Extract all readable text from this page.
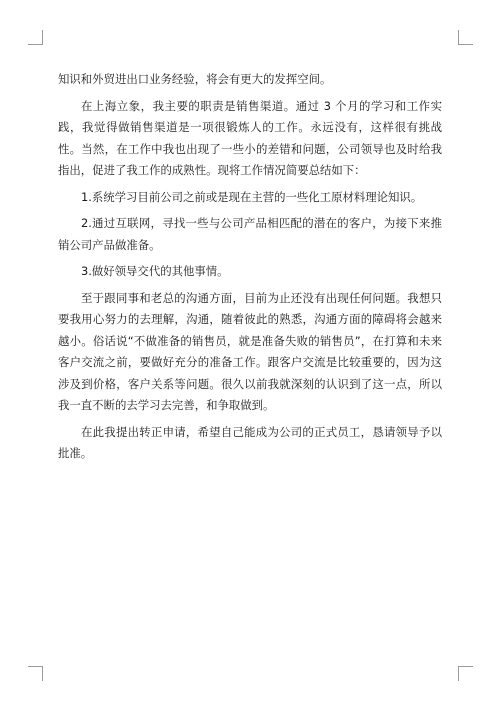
知识和外贸进出口业务经验，将会有更大的发挥空间。

在上海立象，我主要的职责是销售渠道。通过 3 个月的学习和工作实践，我觉得做销售渠道是一项很锻炼人的工作。永远没有，这样很有挑战性。当然，在工作中我也出现了一些小的差错和问题，公司领导也及时给我指出，促进了我工作的成熟性。现将工作情况简要总结如下：

1.系统学习目前公司之前或是现在主营的一些化工原材料理论知识。

2.通过互联网，寻找一些与公司产品相匹配的潜在的客户，为接下来推销公司产品做准备。

3.做好领导交代的其他事情。

至于跟同事和老总的沟通方面，目前为止还没有出现任何问题。我想只要我用心努力的去理解，沟通，随着彼此的熟悉，沟通方面的障碍将会越来越小。俗话说“不做准备的销售员，就是准备失败的销售员”，在打算和未来客户交流之前，要做好充分的准备工作。跟客户交流是比较重要的，因为这涉及到价格，客户关系等问题。很久以前我就深刻的认识到了这一点，所以我一直不断的去学习去完善，和争取做到。

在此我提出转正申请，希望自己能成为公司的正式员工，恳请领导予以批准。
